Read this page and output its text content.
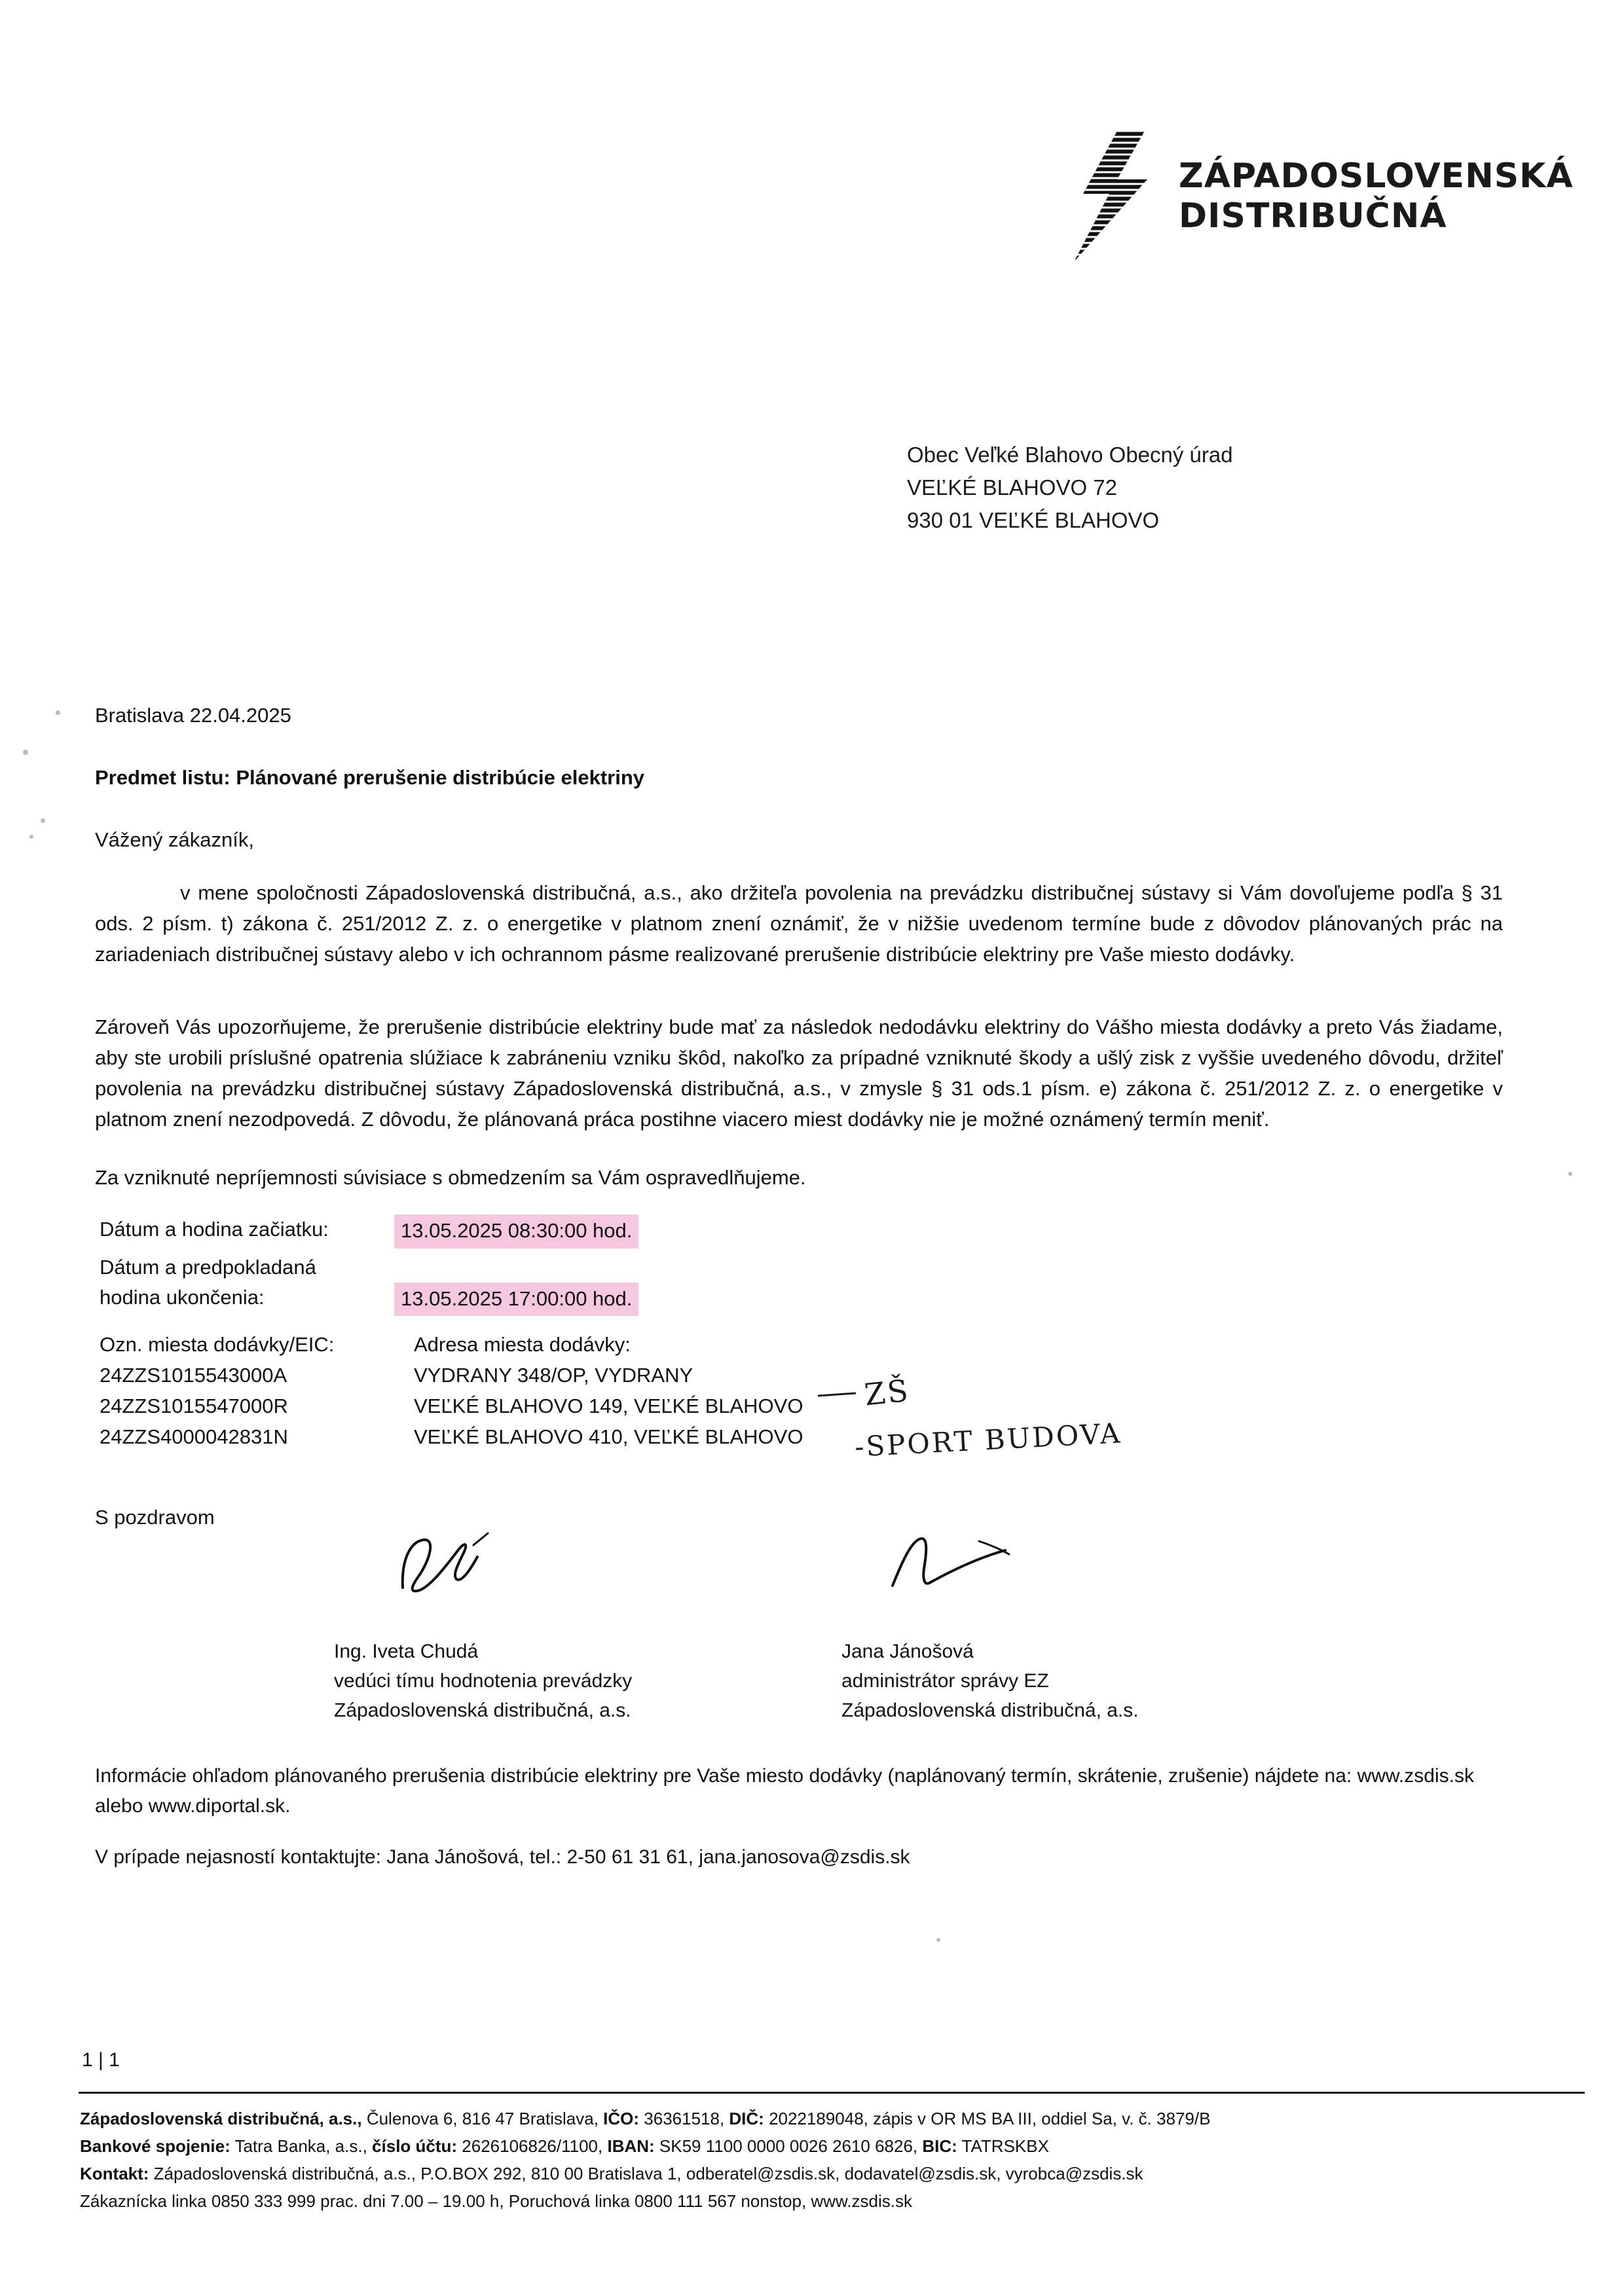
ZÁPADOSLOVENSKÁ
DISTRIBUČNÁ
Obec Veľké Blahovo Obecný úrad
VEĽKÉ BLAHOVO 72
930 01 VEĽKÉ BLAHOVO
Bratislava 22.04.2025
Predmet listu: Plánované prerušenie distribúcie elektriny
Vážený zákazník,
v mene spoločnosti Západoslovenská distribučná, a.s., ako držiteľa povolenia na prevádzku distribučnej sústavy si Vám dovoľujeme podľa § 31 ods. 2 písm. t) zákona č. 251/2012 Z. z. o energetike v platnom znení oznámiť, že v nižšie uvedenom termíne bude z dôvodov plánovaných prác na zariadeniach distribučnej sústavy alebo v ich ochrannom pásme realizované prerušenie distribúcie elektriny pre Vaše miesto dodávky.
Zároveň Vás upozorňujeme, že prerušenie distribúcie elektriny bude mať za následok nedodávku elektriny do Vášho miesta dodávky a preto Vás žiadame, aby ste urobili príslušné opatrenia slúžiace k zabráneniu vzniku škôd, nakoľko za prípadné vzniknuté škody a ušlý zisk z vyššie uvedeného dôvodu, držiteľ povolenia na prevádzku distribučnej sústavy Západoslovenská distribučná, a.s., v zmysle § 31 ods.1 písm. e) zákona č. 251/2012 Z. z. o energetike v platnom znení nezodpovedá. Z dôvodu, že plánovaná práca postihne viacero miest dodávky nie je možné oznámený termín meniť.
Za vzniknuté nepríjemnosti súvisiace s obmedzením sa Vám ospravedlňujeme.
Dátum a hodina začiatku:	13.05.2025 08:30:00 hod.
Dátum a predpokladaná
hodina ukončenia:	13.05.2025 17:00:00 hod.
Ozn. miesta dodávky/EIC:	Adresa miesta dodávky:
24ZZS1015543000A	VYDRANY 348/OP, VYDRANY
24ZZS1015547000R	VEĽKÉ BLAHOVO 149, VEĽKÉ BLAHOVO
24ZZS4000042831N	VEĽKÉ BLAHOVO 410, VEĽKÉ BLAHOVO
ZŠ
-SPORT BUDOVA
S pozdravom
Ing. Iveta Chudá
vedúci tímu hodnotenia prevádzky
Západoslovenská distribučná, a.s.
Jana Jánošová
administrátor správy EZ
Západoslovenská distribučná, a.s.
Informácie ohľadom plánovaného prerušenia distribúcie elektriny pre Vaše miesto dodávky (naplánovaný termín, skrátenie, zrušenie) nájdete na: www.zsdis.sk alebo www.diportal.sk.
V prípade nejasností kontaktujte: Jana Jánošová, tel.: 2-50 61 31 61, jana.janosova@zsdis.sk
1 | 1
Západoslovenská distribučná, a.s., Čulenova 6, 816 47 Bratislava, IČO: 36361518, DIČ: 2022189048, zápis v OR MS BA III, oddiel Sa, v. č. 3879/B
Bankové spojenie: Tatra Banka, a.s., číslo účtu: 2626106826/1100, IBAN: SK59 1100 0000 0026 2610 6826, BIC: TATRSKBX
Kontakt: Západoslovenská distribučná, a.s., P.O.BOX 292, 810 00 Bratislava 1, odberatel@zsdis.sk, dodavatel@zsdis.sk, vyrobca@zsdis.sk
Zákaznícka linka 0850 333 999 prac. dni 7.00 – 19.00 h, Poruchová linka 0800 111 567 nonstop, www.zsdis.sk
